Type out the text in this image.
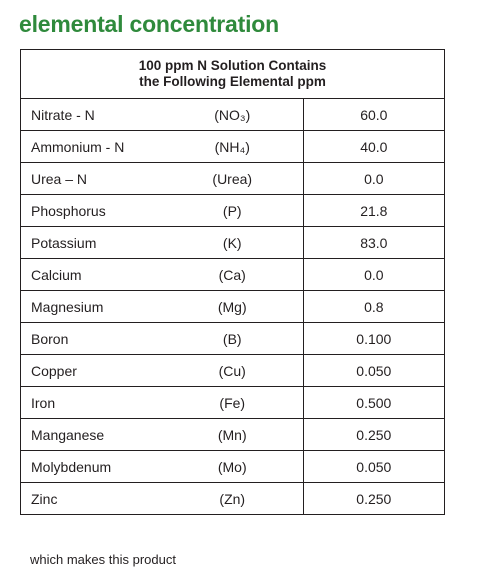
elemental concentration
100 ppm N Solution Contains
the Following Elemental ppm		

Nitrate - N	(NO₃)	60.0
Ammonium - N	(NH₄)	40.0
Urea – N	(Urea)	0.0
Phosphorus	(P)	21.8
Potassium	(K)	83.0
Calcium	(Ca)	0.0
Magnesium	(Mg)	0.8
Boron	(B)	0.100
Copper	(Cu)	0.050
Iron	(Fe)	0.500
Manganese	(Mn)	0.250
Molybdenum	(Mo)	0.050
Zinc	(Zn)	0.250
which makes this product
